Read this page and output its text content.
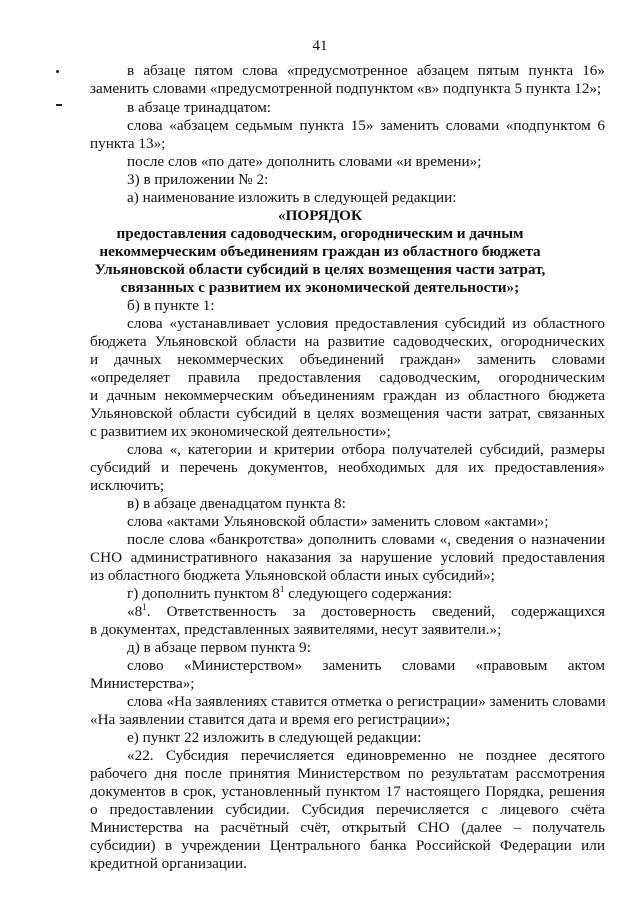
41
в абзаце пятом слова «предусмотренное абзацем пятым пункта 16»
заменить словами «предусмотренной подпунктом «в» подпункта 5 пункта 12»;
в абзаце тринадцатом:
слова «абзацем седьмым пункта 15» заменить словами «подпунктом 6
пункта 13»;
после слов «по дате» дополнить словами «и времени»;
3) в приложении № 2:
а) наименование изложить в следующей редакции:
«ПОРЯДОК
предоставления садоводческим, огородническим и дачным
некоммерческим объединениям граждан из областного бюджета
Ульяновской области субсидий в целях возмещения части затрат,
связанных с развитием их экономической деятельности»;
б) в пункте 1:
слова «устанавливает условия предоставления субсидий из областного
бюджета Ульяновской области на развитие садоводческих, огороднических
и дачных некоммерческих объединений граждан» заменить словами
«определяет правила предоставления садоводческим, огородническим
и дачным некоммерческим объединениям граждан из областного бюджета
Ульяновской области субсидий в целях возмещения части затрат, связанных
с развитием их экономической деятельности»;
слова «, категории и критерии отбора получателей субсидий, размеры
субсидий и перечень документов, необходимых для их предоставления»
исключить;
в) в абзаце двенадцатом пункта 8:
слова «актами Ульяновской области» заменить словом «актами»;
после слова «банкротства» дополнить словами «, сведения о назначении
СНО административного наказания за нарушение условий предоставления
из областного бюджета Ульяновской области иных субсидий»;
г) дополнить пунктом $8^1$ следующего содержания:
«$8^1$. Ответственность за достоверность сведений, содержащихся
в документах, представленных заявителями, несут заявители.»;
д) в абзаце первом пункта 9:
слово «Министерством» заменить словами «правовым актом
Министерства»;
слова «На заявлениях ставится отметка о регистрации» заменить словами
«На заявлении ставится дата и время его регистрации»;
е) пункт 22 изложить в следующей редакции:
«22. Субсидия перечисляется единовременно не позднее десятого
рабочего дня после принятия Министерством по результатам рассмотрения
документов в срок, установленный пунктом 17 настоящего Порядка, решения
о предоставлении субсидии. Субсидия перечисляется с лицевого счёта
Министерства на расчётный счёт, открытый СНО (далее – получатель
субсидии) в учреждении Центрального банка Российской Федерации или
кредитной организации.
